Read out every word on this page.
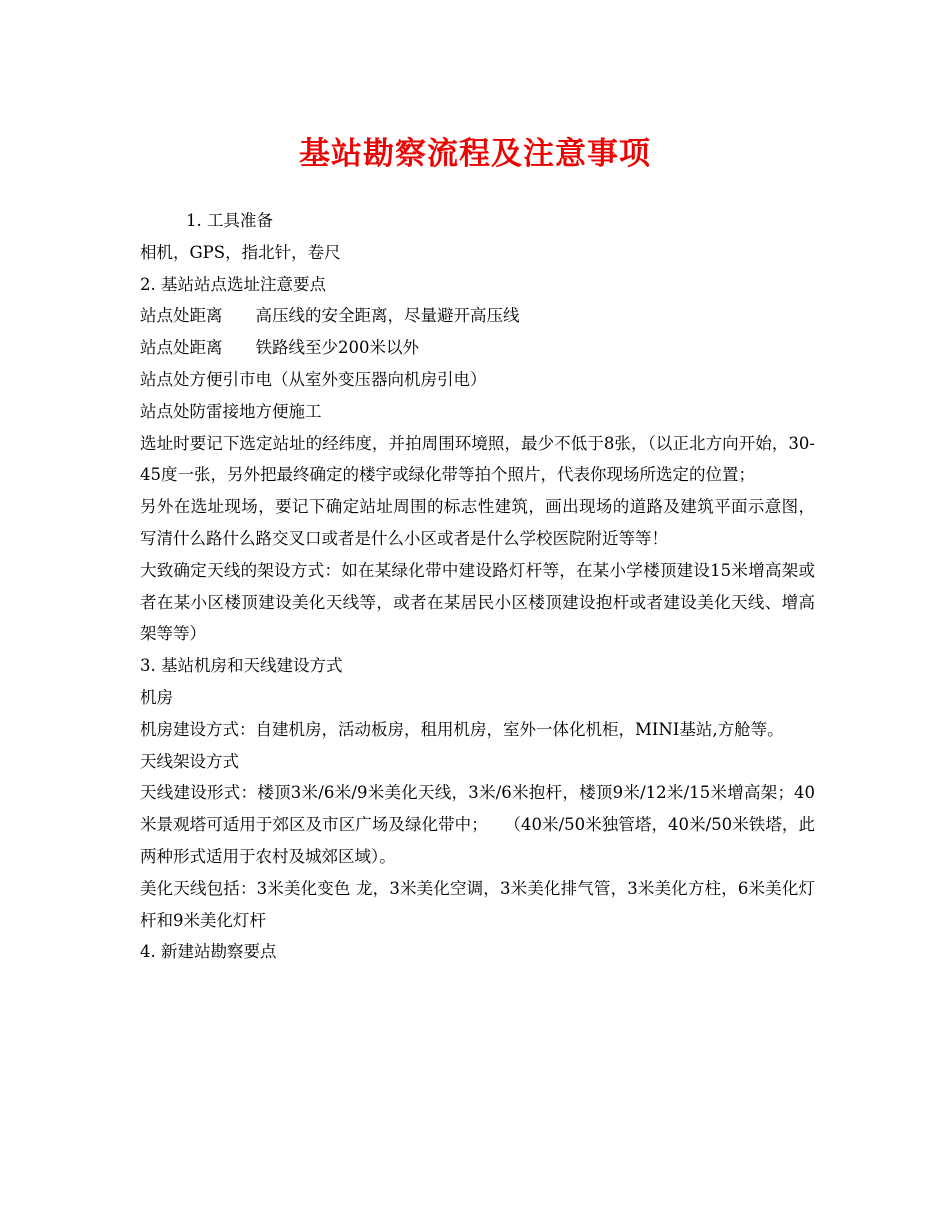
基站勘察流程及注意事项

1. 工具准备

相机，GPS，指北针，卷尺

2. 基站站点选址注意要点

站点处距离　　高压线的安全距离，尽量避开高压线

站点处距离　　铁路线至少200米以外

站点处方便引市电（从室外变压器向机房引电）

站点处防雷接地方便施工

选址时要记下选定站址的经纬度，并拍周围环境照，最少不低于8张，（以正北方向开始，30-45度一张，另外把最终确定的楼宇或绿化带等拍个照片，代表你现场所选定的位置；

另外在选址现场，要记下确定站址周围的标志性建筑，画出现场的道路及建筑平面示意图，写清什么路什么路交叉口或者是什么小区或者是什么学校医院附近等等！

大致确定天线的架设方式：如在某绿化带中建设路灯杆等，在某小学楼顶建设15米增高架或者在某小区楼顶建设美化天线等，或者在某居民小区楼顶建设抱杆或者建设美化天线、增高架等等）

3. 基站机房和天线建设方式

机房

机房建设方式：自建机房，活动板房，租用机房，室外一体化机柜，MINI基站,方舱等。

天线架设方式

天线建设形式：楼顶3米/6米/9米美化天线，3米/6米抱杆，楼顶9米/12米/15米增高架；40米景观塔可适用于郊区及市区广场及绿化带中；　　（40米/50米独管塔，40米/50米铁塔，此两种形式适用于农村及城郊区域）。

美化天线包括：3米美化变色 龙，3米美化空调，3米美化排气管，3米美化方柱，6米美化灯杆和9米美化灯杆

4. 新建站勘察要点
